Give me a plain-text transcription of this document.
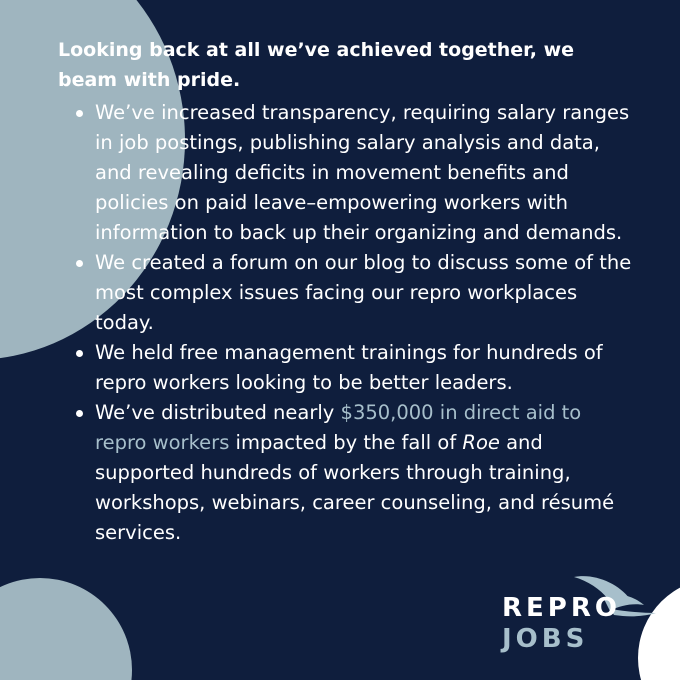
Looking back at all we’ve achieved together, we beam with pride.

We’ve increased transparency, requiring salary ranges in job postings, publishing salary analysis and data, and revealing deficits in movement benefits and policies on paid leave–empowering workers with information to back up their organizing and demands.
We created a forum on our blog to discuss some of the most complex issues facing our repro workplaces today.
We held free management trainings for hundreds of repro workers looking to be better leaders.
We’ve distributed nearly $350,000 in direct aid to repro workers impacted by the fall of Roe and supported hundreds of workers through training, workshops, webinars, career counseling, and résumé services.
REPRO
JOBS
